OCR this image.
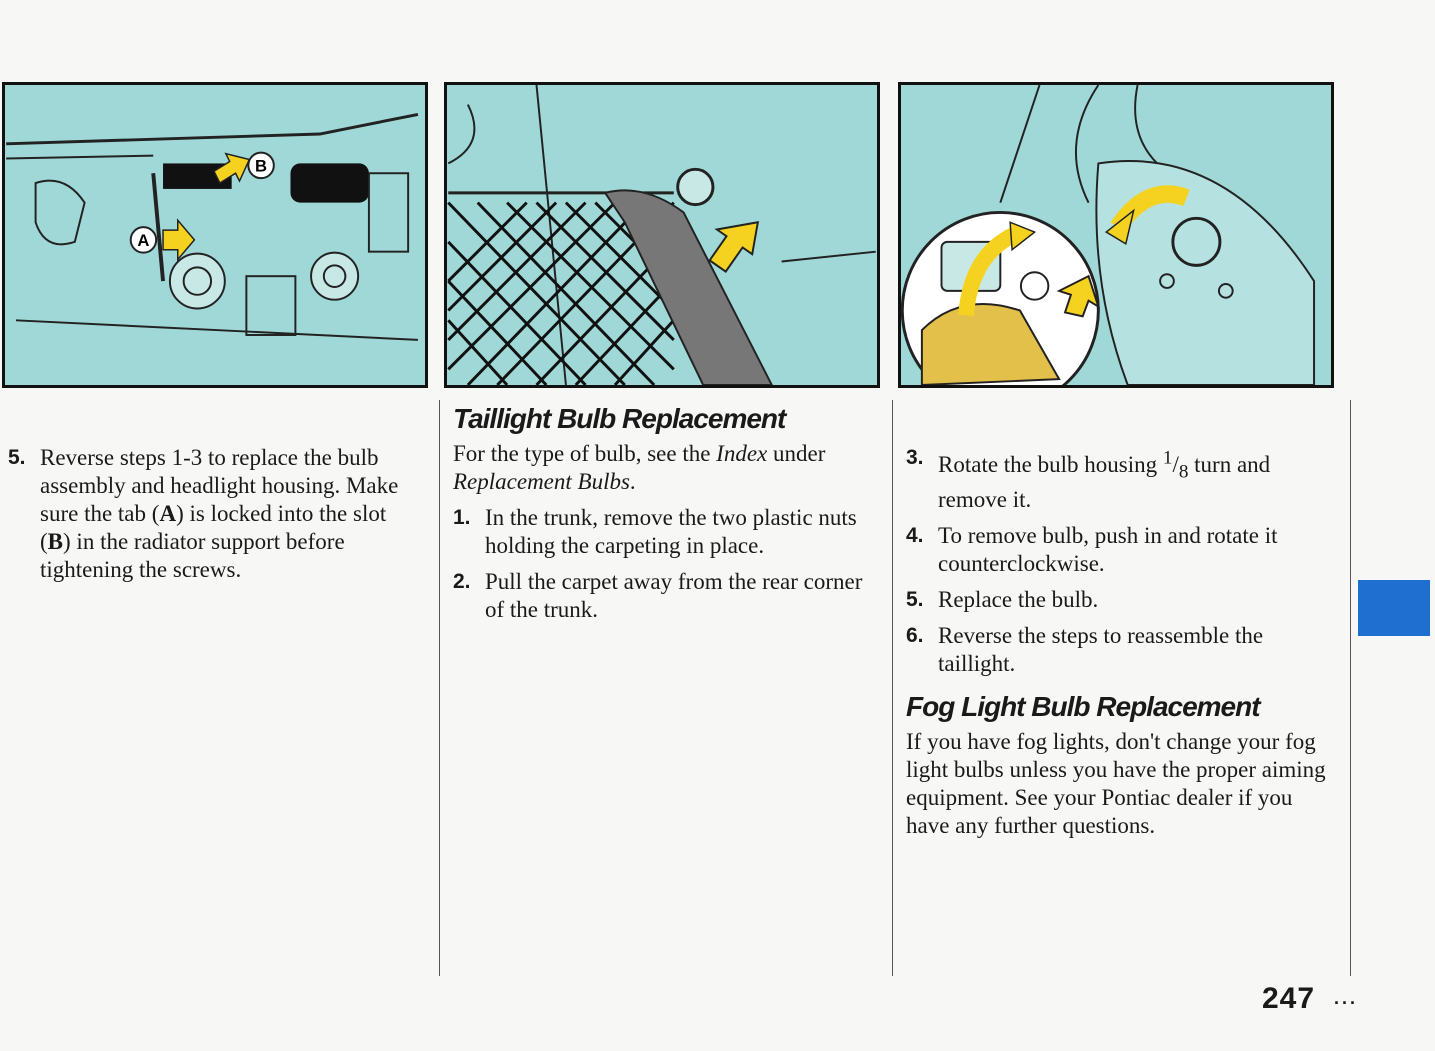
A
B
5. Reverse steps 1-3 to replace the bulb assembly and headlight housing. Make sure the tab (A) is locked into the slot (B) in the radiator support before tightening the screws.
Taillight Bulb Replacement

For the type of bulb, see the Index under Replacement Bulbs.

1. In the trunk, remove the two plastic nuts holding the carpeting in place.
2. Pull the carpet away from the rear corner of the trunk.
3. Rotate the bulb housing $^1/_8$ turn and remove it.
4. To remove bulb, push in and rotate it counterclockwise.
5. Replace the bulb.
6. Reverse the steps to reassemble the taillight.
Fog Light Bulb Replacement

If you have fog lights, don't change your fog light bulbs unless you have the proper aiming equipment. See your Pontiac dealer if you have any further questions.

247 ...
